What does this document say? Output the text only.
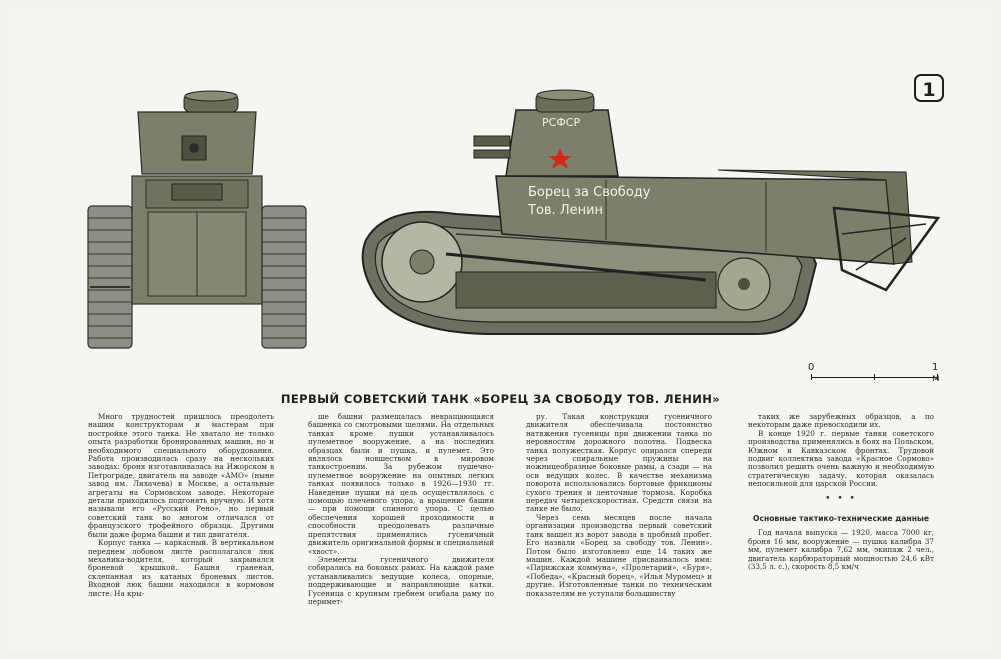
1
РСФСР
Борец за Свободу
Тов. Ленин
0	1 м
ПЕРВЫЙ СОВЕТСКИЙ ТАНК «БОРЕЦ ЗА СВОБОДУ ТОВ. ЛЕНИН»

Много трудностей пришлось преодолеть нашим конструкторам и мастерам при постройке этого танка. Не хватало не только опыта разработки бронированных машин, но и необходимого специального оборудования. Работа производилась сразу на нескольких заводах: броня изготавливалась на Ижорском в Петрограде, двигатель на заводе «АМО» (ныне завод им. Лихачева) в Москве, а остальные агрегаты на Сормовском заводе. Некоторые детали приходилось подгонять вручную. И хотя называли его «Русский Рено», но первый советский танк во многом отличался от французского трофейного образца. Другими были даже форма башни и тип двигателя.

Корпус танка — каркасный. В вертикальном переднем лобовом листе располагался люк механика-водителя, который закрывался броневой крышкой. Башня граненая, склепанная из катаных броневых листов. Входной люк башни находился в кормовом листе. На кры-

ше башни размещалась невращающаяся башенка со смотровыми щелями. На отдельных танках кроме пушки устанавливалось пулеметное вооружение, а на последних образцах были и пушка, и пулемет. Это являлось новшеством в мировом танкостроении. За рубежом пушечно-пулеметное вооружение на опытных легких танках появилось только в 1926—1930 гг. Наведение пушки на цель осуществлялось с помощью плечевого упора, а вращение башни — при помощи спинного упора. С целью обеспечения хорошей проходимости и способности преодолевать различные препятствия применялись гусеничный движитель оригинальной формы и специальный «хвост».

Элементы гусеничного движителя собирались на боковых рамах. На каждой раме устанавливались ведущие колеса, опорные, поддерживающие и направляющие катки. Гусеница с крупным гребнем огибала раму по перимет-

ру. Такая конструкция гусеничного движителя обеспечивала постоянство натяжения гусеницы при движении танка по неровностям дорожного полотна. Подвеска танка полужесткая. Корпус опирался спереди через спиральные пружины на ножницеобразные боковые рамы, а сзади — на оси ведущих колес. В качестве механизма поворота использовались бортовые фрикционы сухого трения и ленточные тормоза. Коробка передач четырехскоростная. Средств связи на танке не было.

Через семь месяцев после начала организации производства первый советский танк вышел из ворот завода в пробный пробег. Его назвали «Борец за свободу тов. Ленин». Потом было изготовлено еще 14 таких же машин. Каждой машине присваивалось имя: «Парижская коммуна», «Пролетарий», «Буря», «Победа», «Красный борец», «Илья Муромец» и другие. Изготовленные танки по техническим показателям не уступали большинству

таких же зарубежных образцов, а по некоторым даже превосходили их.

В конце 1920 г. первые танки советского производства применялись в боях на Польском, Южном и Кавказском фронтах. Трудовой подвиг коллектива завода «Красное Сормово» позволил решить очень важную и необходимую стратегическую задачу, которая оказалась непосильной для царской России.

• • •
Основные тактико-технические данные

Год начала выпуска — 1920, масса 7000 кг, броня 16 мм, вооружение — пушка калибра 37 мм, пулемет калибра 7,62 мм, экипаж 2 чел., двигатель карбюраторный мощностью 24,6 кВт (33,5 л. с.), скорость 8,5 км/ч
